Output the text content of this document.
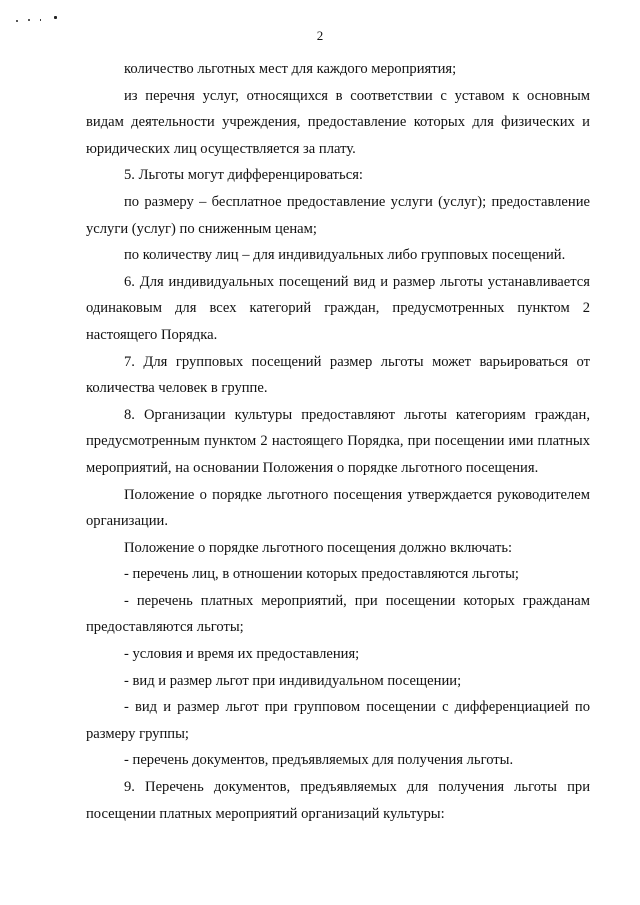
2

количество льготных мест для каждого мероприятия;

из перечня услуг, относящихся в соответствии с уставом к основным видам деятельности учреждения, предоставление которых для физических и юридических лиц осуществляется за плату.

5. Льготы могут дифференцироваться:

по размеру – бесплатное предоставление услуги (услуг); предоставление услуги (услуг) по сниженным ценам;

по количеству лиц – для индивидуальных либо групповых посещений.

6. Для индивидуальных посещений вид и размер льготы устанавливается одинаковым для всех категорий граждан, предусмотренных пунктом 2 настоящего Порядка.

7. Для групповых посещений размер льготы может варьироваться от количества человек в группе.

8. Организации культуры предоставляют льготы категориям граждан, предусмотренным пунктом 2 настоящего Порядка, при посещении ими платных мероприятий, на основании Положения о порядке льготного посещения.

Положение о порядке льготного посещения утверждается руководителем организации.

Положение о порядке льготного посещения должно включать:

- перечень лиц, в отношении которых предоставляются льготы;

- перечень платных мероприятий, при посещении которых гражданам предоставляются льготы;

- условия и время их предоставления;

- вид и размер льгот при индивидуальном посещении;

- вид и размер льгот при групповом посещении с дифференциацией по размеру группы;

- перечень документов, предъявляемых для получения льготы.

9. Перечень документов, предъявляемых для получения льготы при посещении платных мероприятий организаций культуры:
